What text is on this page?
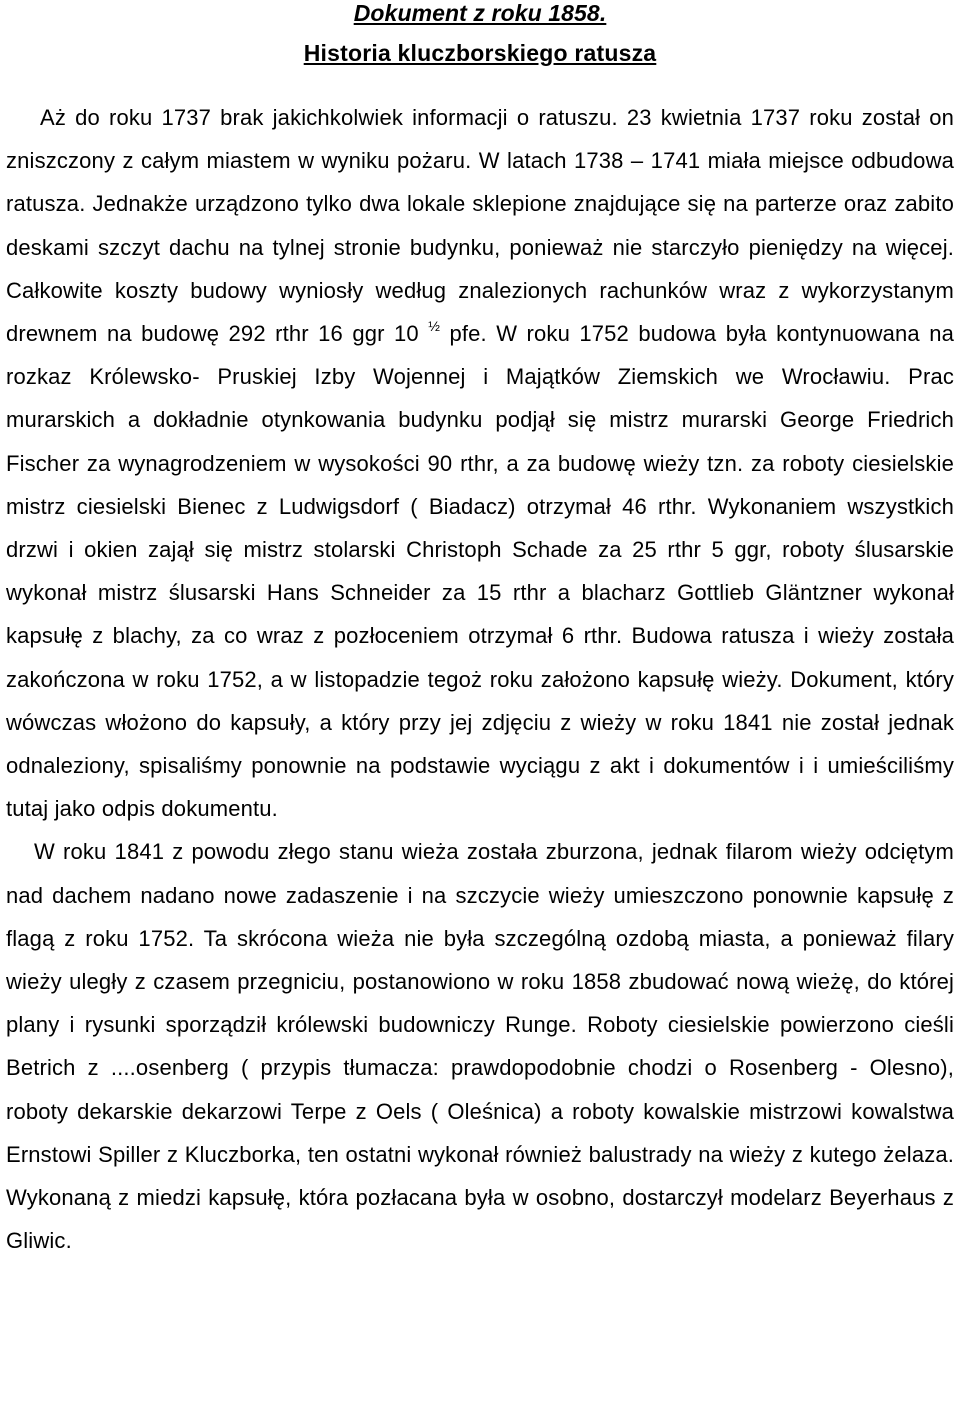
Dokument z roku 1858.
Historia kluczborskiego ratusza

Aż do roku 1737 brak jakichkolwiek informacji o ratuszu. 23 kwietnia 1737 roku został on zniszczony z całym miastem w wyniku pożaru. W latach 1738 – 1741 miała miejsce odbudowa ratusza. Jednakże urządzono tylko dwa lokale sklepione znajdujące się na parterze oraz zabito deskami szczyt dachu na tylnej stronie budynku, ponieważ nie starczyło pieniędzy na więcej. Całkowite koszty budowy wyniosły według znalezionych rachunków wraz z wykorzystanym drewnem na budowę 292 rthr 16 ggr 10 $^{\frac{1}{2}}$ pfe. W roku 1752 budowa była kontynuowana na rozkaz Królewsko- Pruskiej Izby Wojennej i Majątków Ziemskich we Wrocławiu. Prac murarskich a dokładnie otynkowania budynku podjął się mistrz murarski George Friedrich Fischer za wynagrodzeniem w wysokości 90 rthr, a za budowę wieży tzn. za roboty ciesielskie mistrz ciesielski Bienec z Ludwigsdorf ( Biadacz) otrzymał 46 rthr. Wykonaniem wszystkich drzwi i okien zajął się mistrz stolarski Christoph Schade za 25 rthr 5 ggr, roboty ślusarskie wykonał mistrz ślusarski Hans Schneider za 15 rthr a blacharz Gottlieb Gläntzner wykonał kapsułę z blachy, za co wraz z pozłoceniem otrzymał 6 rthr. Budowa ratusza i wieży została zakończona w roku 1752, a w listopadzie tegoż roku założono kapsułę wieży. Dokument, który wówczas włożono do kapsuły, a który przy jej zdjęciu z wieży w roku 1841 nie został jednak odnaleziony, spisaliśmy ponownie na podstawie wyciągu z akt i dokumentów i i umieściliśmy tutaj jako odpis dokumentu.

W roku 1841 z powodu złego stanu wieża została zburzona, jednak filarom wieży odciętym nad dachem nadano nowe zadaszenie i na szczycie wieży umieszczono ponownie kapsułę z flagą z roku 1752. Ta skrócona wieża nie była szczególną ozdobą miasta, a ponieważ filary wieży uległy z czasem przegniciu, postanowiono w roku 1858 zbudować nową wieżę, do której plany i rysunki sporządził królewski budowniczy Runge. Roboty ciesielskie powierzono cieśli Betrich z ....osenberg ( przypis tłumacza: prawdopodobnie chodzi o Rosenberg - Olesno), roboty dekarskie dekarzowi Terpe z Oels ( Oleśnica) a roboty kowalskie mistrzowi kowalstwa Ernstowi Spiller z Kluczborka, ten ostatni wykonał również balustrady na wieży z kutego żelaza. Wykonaną z miedzi kapsułę, która pozłacana była w osobno, dostarczył modelarz Beyerhaus z Gliwic.
